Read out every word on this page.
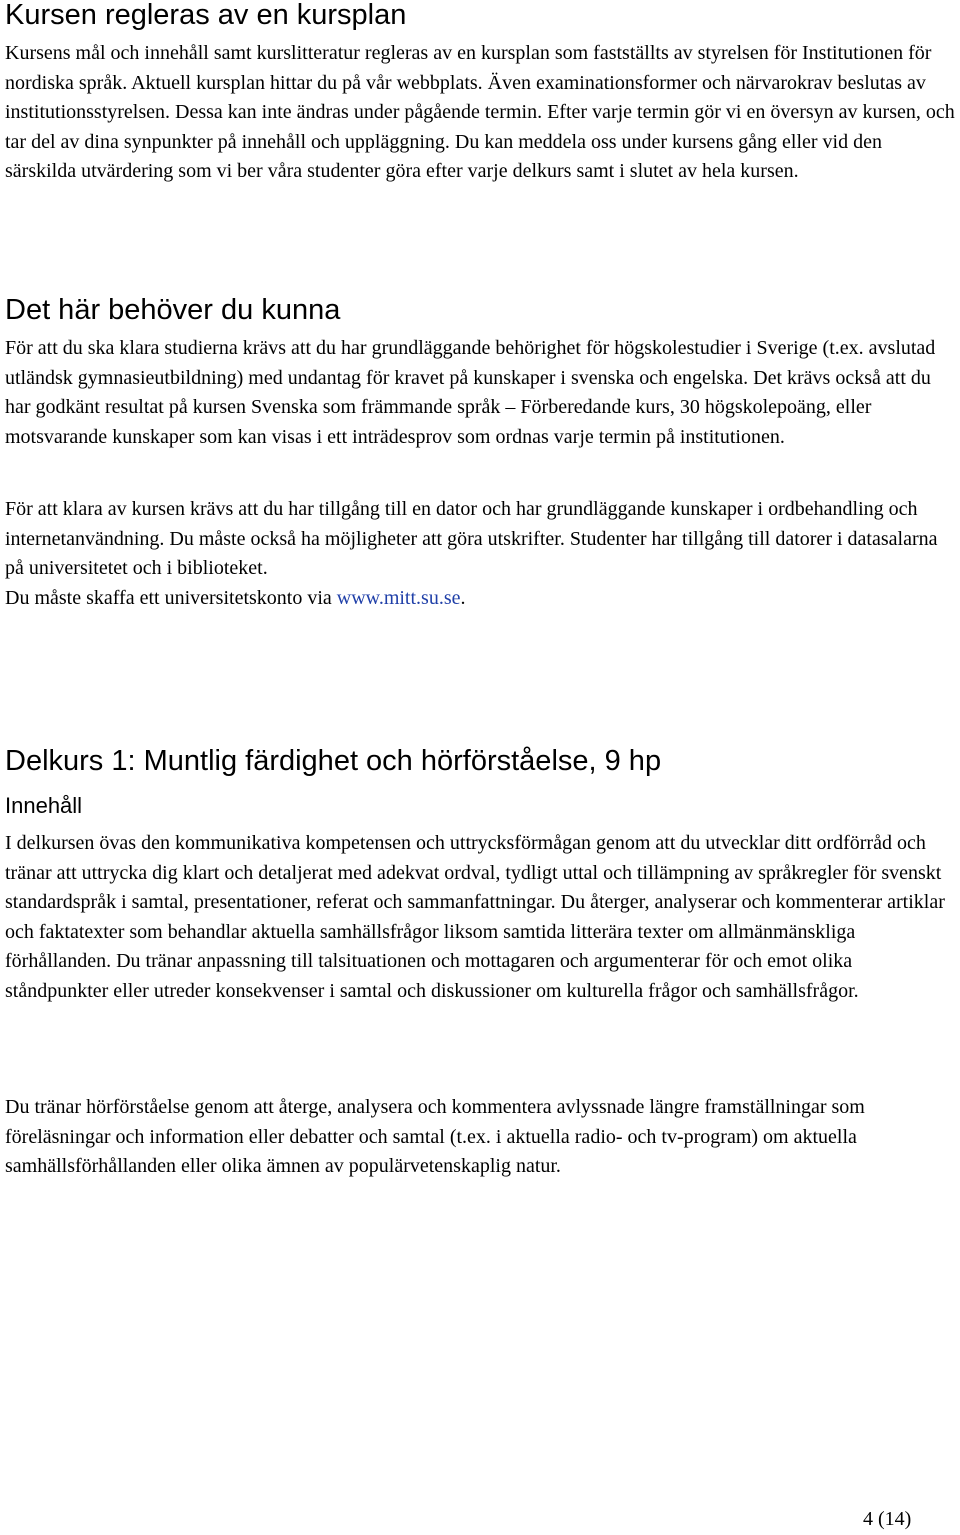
Kursen regleras av en kursplan

Kursens mål och innehåll samt kurslitteratur regleras av en kursplan som fastställts av styrelsen för Institutionen för nordiska språk. Aktuell kursplan hittar du på vår webbplats. Även examinationsformer och närvarokrav beslutas av institutionsstyrelsen. Dessa kan inte ändras under pågående termin. Efter varje termin gör vi en översyn av kursen, och tar del av dina synpunkter på innehåll och uppläggning. Du kan meddela oss under kursens gång eller vid den särskilda utvärdering som vi ber våra studenter göra efter varje delkurs samt i slutet av hela kursen.

Det här behöver du kunna

För att du ska klara studierna krävs att du har grundläggande behörighet för högskolestudier i Sverige (t.ex. avslutad utländsk gymnasieutbildning) med undantag för kravet på kunskaper i svenska och engelska. Det krävs också att du har godkänt resultat på kursen Svenska som främmande språk – Förberedande kurs, 30 högskolepoäng, eller motsvarande kunskaper som kan visas i ett inträdesprov som ordnas varje termin på institutionen.

För att klara av kursen krävs att du har tillgång till en dator och har grundläggande kunskaper i ordbehandling och internetanvändning. Du måste också ha möjligheter att göra utskrifter. Studenter har tillgång till datorer i datasalarna på universitetet och i biblioteket.
Du måste skaffa ett universitetskonto via www.mitt.su.se.

Delkurs 1: Muntlig färdighet och hörförståelse, 9 hp
Innehåll

I delkursen övas den kommunikativa kompetensen och uttrycksförmågan genom att du utvecklar ditt ordförråd och tränar att uttrycka dig klart och detaljerat med adekvat ordval, tydligt uttal och tillämpning av språkregler för svenskt standardspråk i samtal, presentationer, referat och sammanfattningar. Du återger, analyserar och kommenterar artiklar och faktatexter som behandlar aktuella samhällsfrågor liksom samtida litterära texter om allmänmänskliga förhållanden. Du tränar anpassning till talsituationen och mottagaren och argumenterar för och emot olika ståndpunkter eller utreder konsekvenser i samtal och diskussioner om kulturella frågor och samhällsfrågor.

Du tränar hörförståelse genom att återge, analysera och kommentera avlyssnade längre framställningar som föreläsningar och information eller debatter och samtal (t.ex. i aktuella radio- och tv-program) om aktuella samhällsförhållanden eller olika ämnen av populärvetenskaplig natur.

4 (14)
